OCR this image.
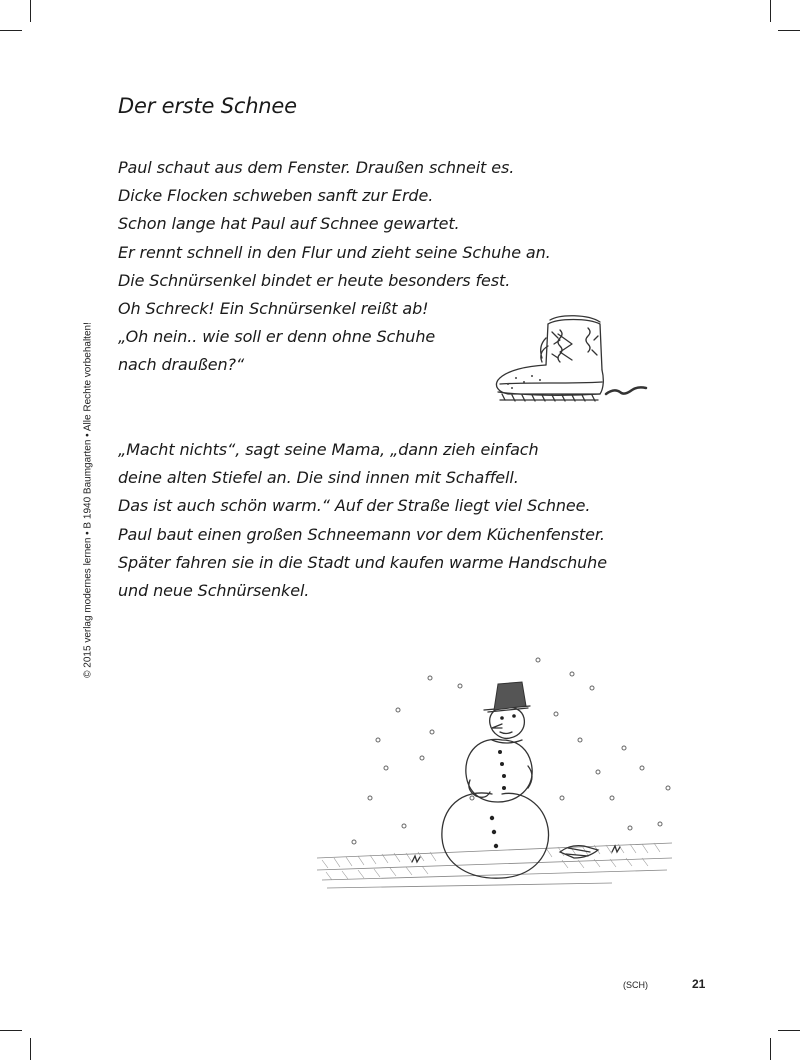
Der erste Schnee
Paul schaut aus dem Fenster. Draußen schneit es.
Dicke Flocken schweben sanft zur Erde.
Schon lange hat Paul auf Schnee gewartet.
Er rennt schnell in den Flur und zieht seine Schuhe an.
Die Schnürsenkel bindet er heute besonders fest.
Oh Schreck! Ein Schnürsenkel reißt ab!
„Oh nein.. wie soll er denn ohne Schuhe
nach draußen?“
„Macht nichts“, sagt seine Mama, „dann zieh einfach
deine alten Stiefel an. Die sind innen mit Schaffell.
Das ist auch schön warm.“ Auf der Straße liegt viel Schnee.
Paul baut einen großen Schneemann vor dem Küchenfenster.
Später fahren sie in die Stadt und kaufen warme Handschuhe
und neue Schnürsenkel.
© 2015 verlag modernes lernen • B 1940 Baumgarten • Alle Rechte vorbehalten!
(SCH)	21
